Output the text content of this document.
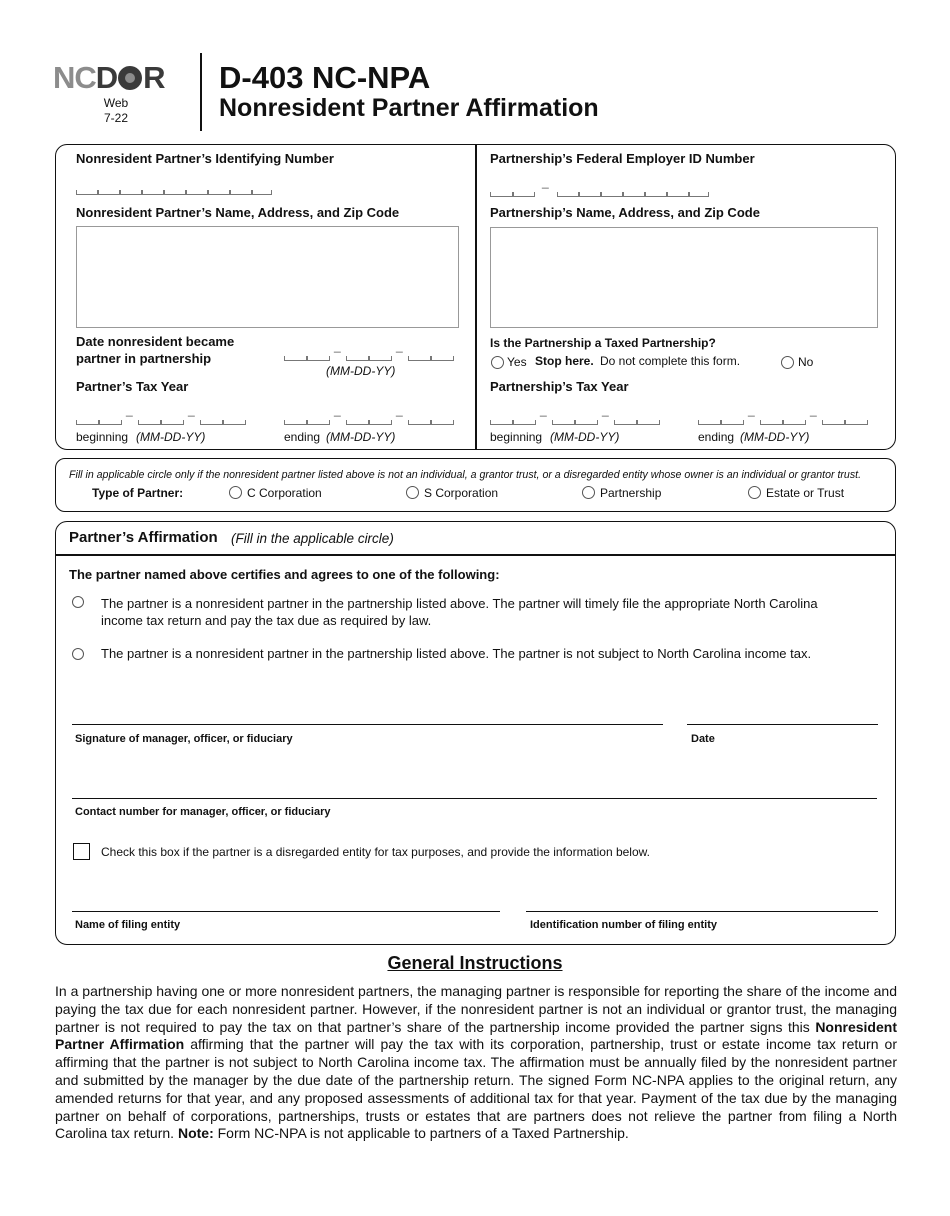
NCD R
Web
7-22
D-403 NC-NPA
Nonresident Partner Affirmation
Nonresident Partner’s Identifying Number
Nonresident Partner’s Name, Address, and Zip Code
Date nonresident became
partner in partnership
_	_
(MM-DD-YY)
Partner’s Tax Year
_	_
beginning (MM-DD-YY)
_	_
ending (MM-DD-YY)
Partnership’s Federal Employer ID Number
_
Partnership’s Name, Address, and Zip Code
Is the Partnership a Taxed Partnership?
Yes Stop here. Do not complete this form.	No
Partnership’s Tax Year
_	_
beginning (MM-DD-YY)
_	_
ending (MM-DD-YY)
Fill in applicable circle only if the nonresident partner listed above is not an individual, a grantor trust, or a disregarded entity whose owner is an individual or grantor trust.
Type of Partner:	C Corporation	S Corporation	Partnership	Estate or Trust
Partner’s Affirmation (Fill in the applicable circle)
The partner named above certifies and agrees to one of the following:
The partner is a nonresident partner in the partnership listed above. The partner will timely file the appropriate North Carolina
income tax return and pay the tax due as required by law.
The partner is a nonresident partner in the partnership listed above. The partner is not subject to North Carolina income tax.
Signature of manager, officer, or fiduciary	Date
Contact number for manager, officer, or fiduciary
Check this box if the partner is a disregarded entity for tax purposes, and provide the information below.
Name of filing entity	Identification number of filing entity
General Instructions
In a partnership having one or more nonresident partners, the managing partner is responsible for reporting the share of the income and paying the tax due for each nonresident partner. However, if the nonresident partner is not an individual or grantor trust, the managing partner is not required to pay the tax on that partner’s share of the partnership income provided the partner signs this Nonresident Partner Affirmation affirming that the partner will pay the tax with its corporation, partnership, trust or estate income tax return or affirming that the partner is not subject to North Carolina income tax. The affirmation must be annually filed by the nonresident partner and submitted by the manager by the due date of the partnership return. The signed Form NC-NPA applies to the original return, any amended returns for that year, and any proposed assessments of additional tax for that year. Payment of the tax due by the managing partner on behalf of corporations, partnerships, trusts or estates that are partners does not relieve the partner from filing a North Carolina tax return. Note: Form NC-NPA is not applicable to partners of a Taxed Partnership.
